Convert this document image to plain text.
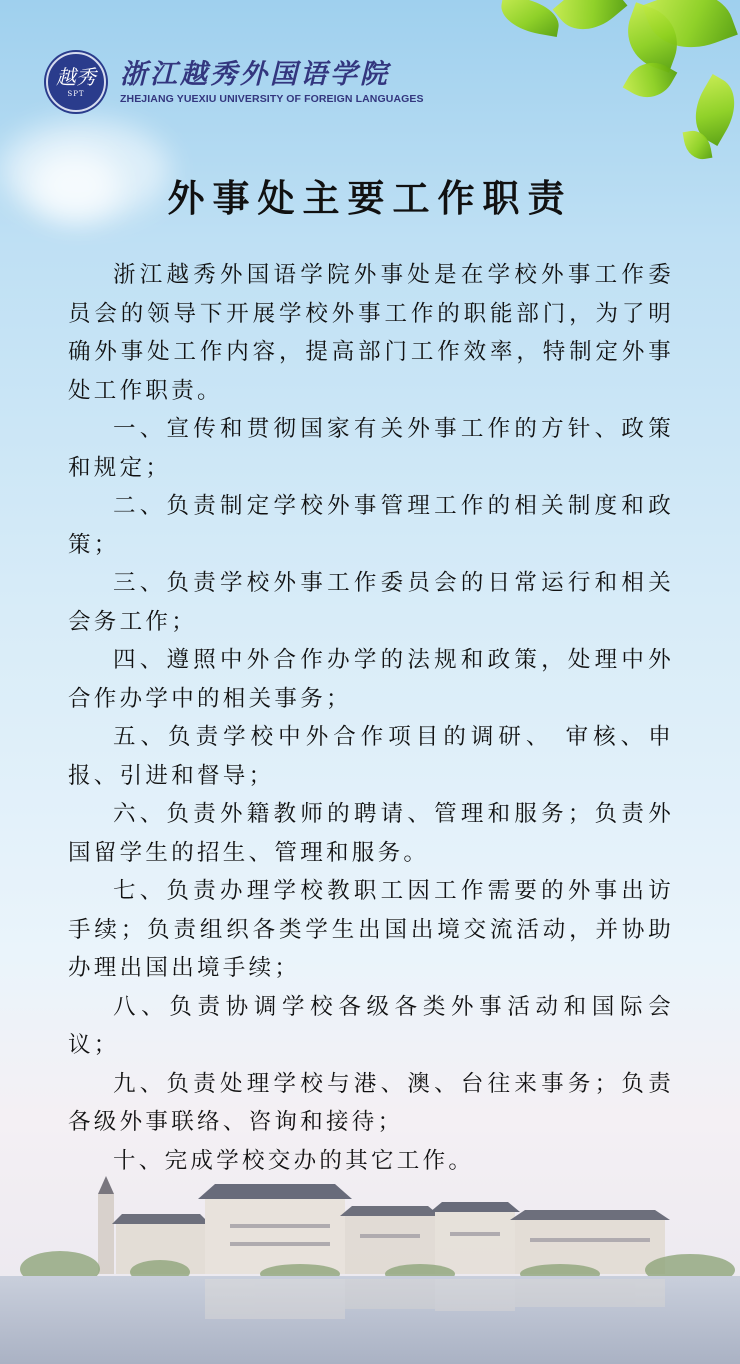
越秀
SPT
浙江越秀外国语学院
ZHEJIANG YUEXIU UNIVERSITY OF FOREIGN LANGUAGES
外事处主要工作职责

浙江越秀外国语学院外事处是在学校外事工作委员会的领导下开展学校外事工作的职能部门，为了明确外事处工作内容，提高部门工作效率，特制定外事处工作职责。

一、宣传和贯彻国家有关外事工作的方针、政策和规定；

二、负责制定学校外事管理工作的相关制度和政策；

三、负责学校外事工作委员会的日常运行和相关会务工作；

四、遵照中外合作办学的法规和政策，处理中外合作办学中的相关事务；

五、负责学校中外合作项目的调研、 审核、申报、引进和督导；

六、负责外籍教师的聘请、管理和服务；负责外国留学生的招生、管理和服务。

七、负责办理学校教职工因工作需要的外事出访手续；负责组织各类学生出国出境交流活动，并协助办理出国出境手续；

八、负责协调学校各级各类外事活动和国际会议；

九、负责处理学校与港、澳、台往来事务；负责各级外事联络、咨询和接待；

十、完成学校交办的其它工作。
